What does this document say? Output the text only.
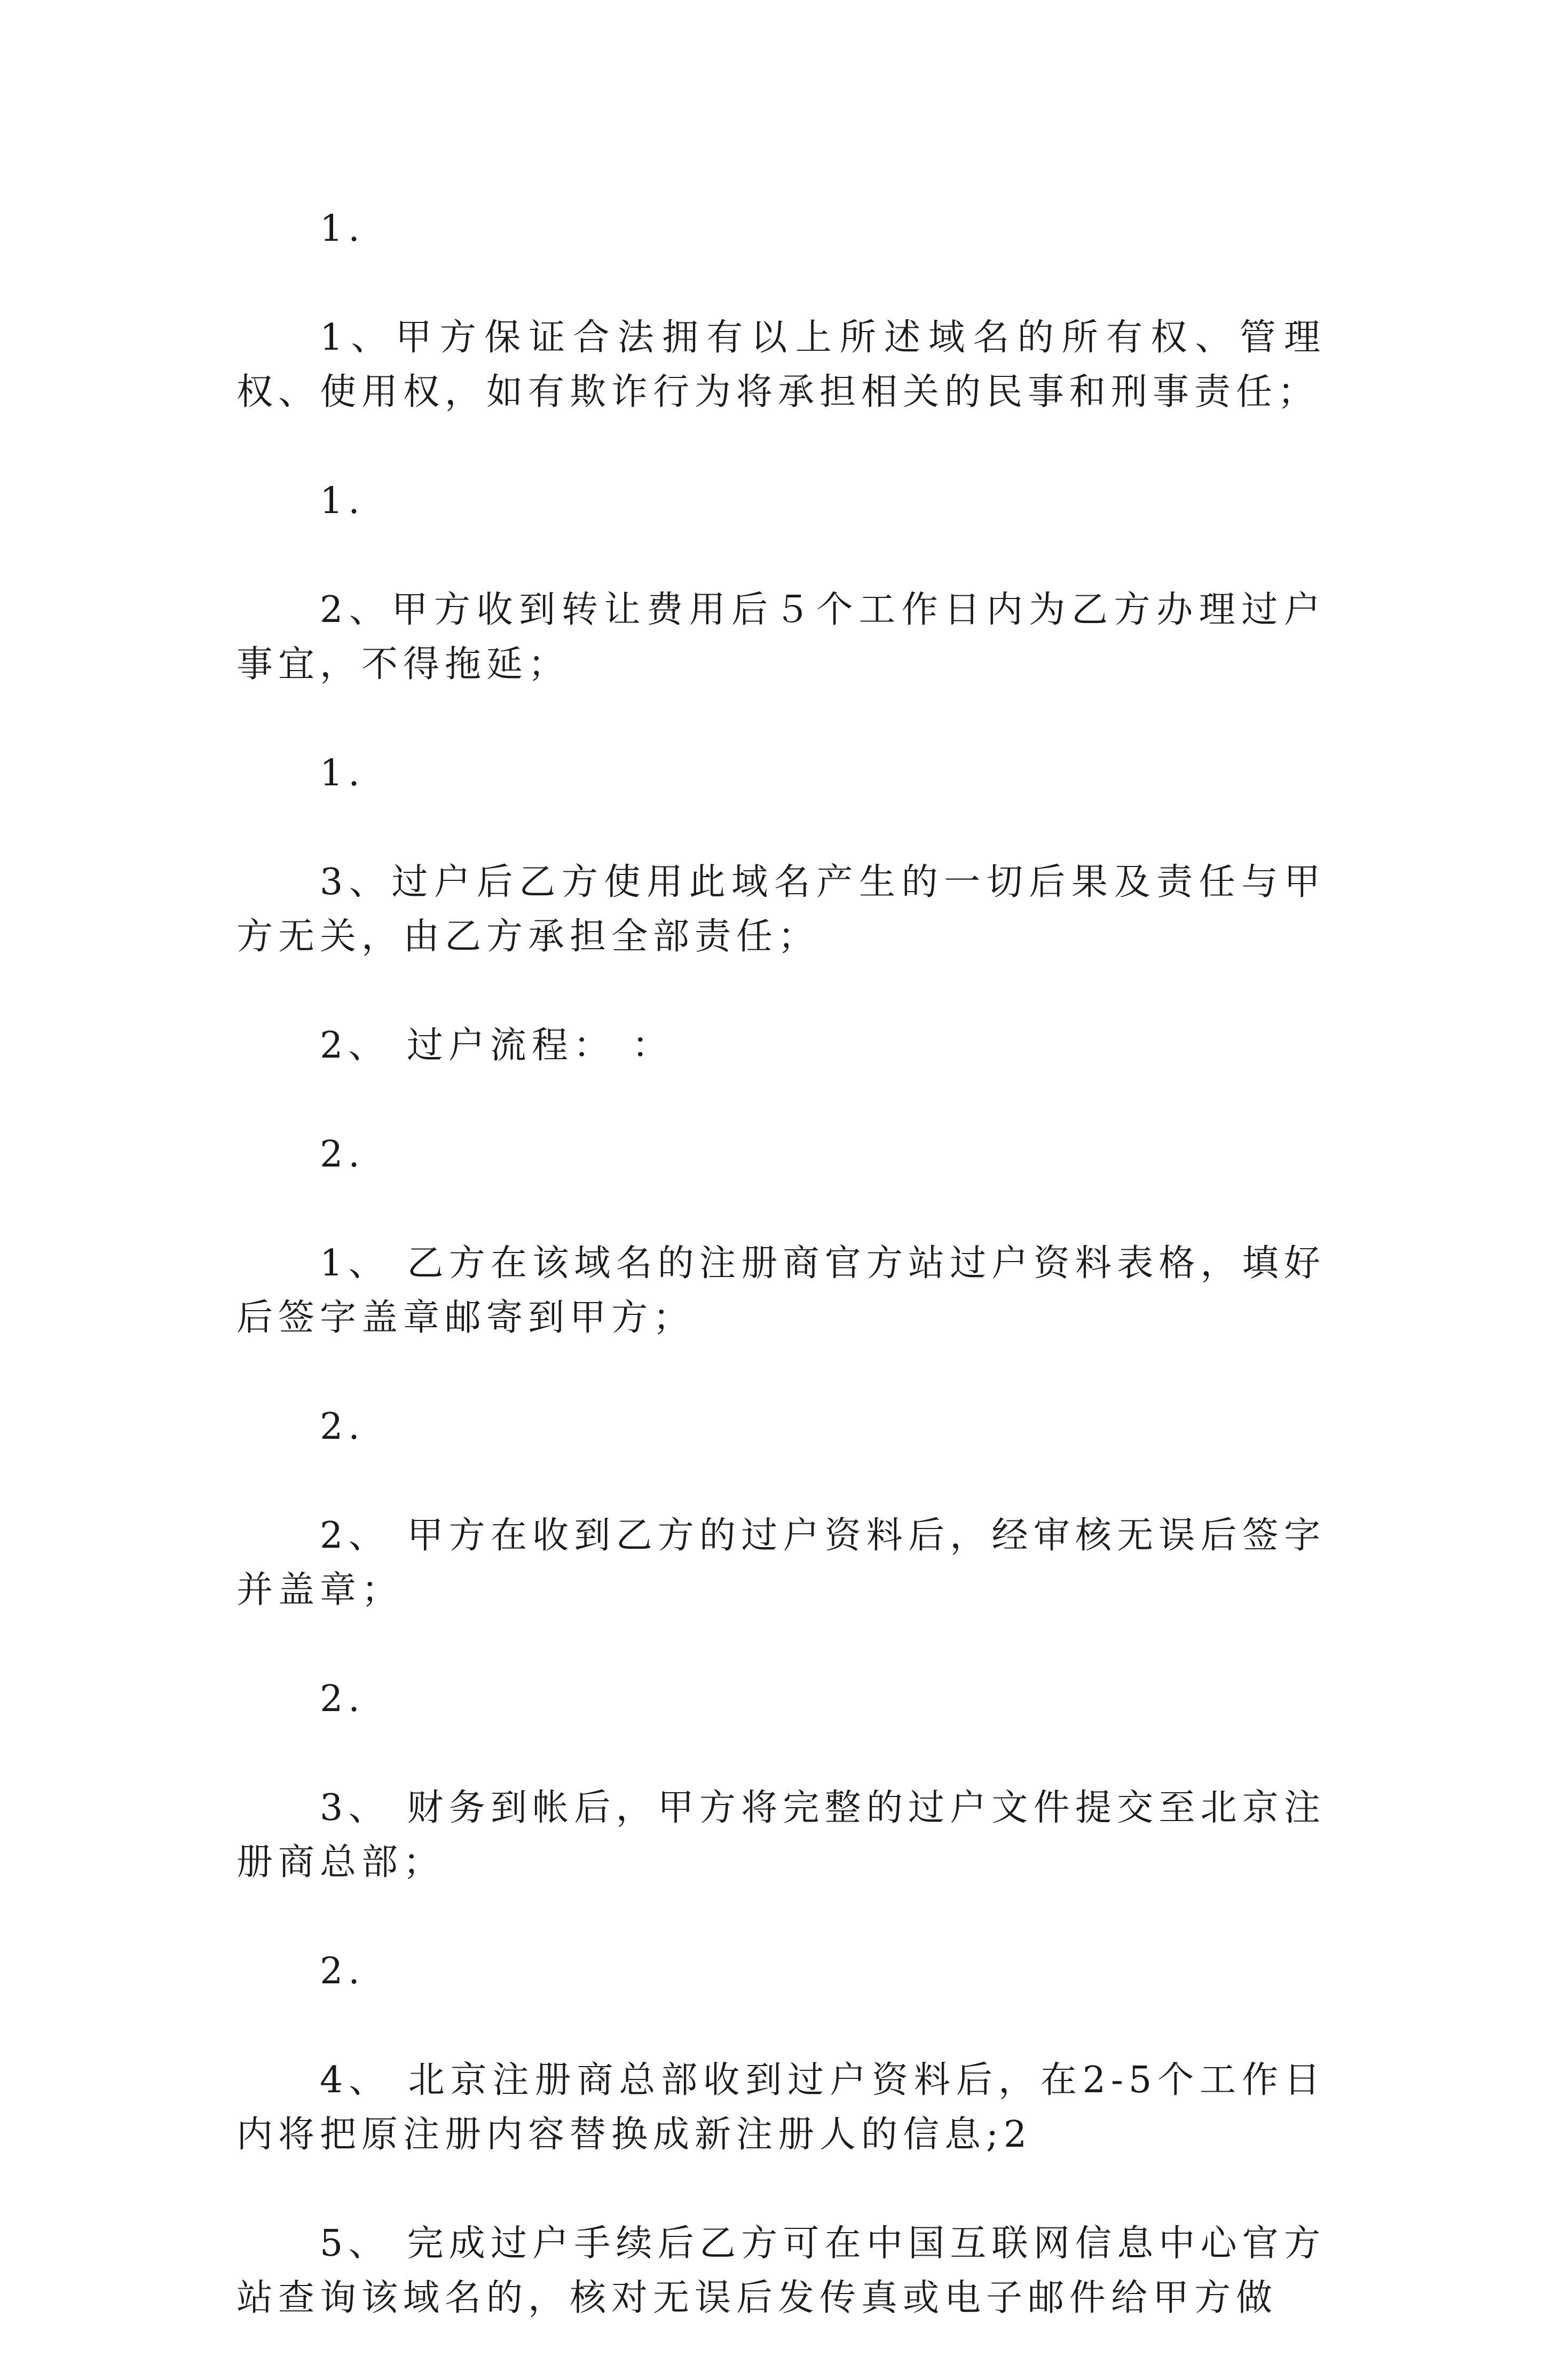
1.

1、甲方保证合法拥有以上所述域名的所有权、管理权、使用权，如有欺诈行为将承担相关的民事和刑事责任；

1.

2、甲方收到转让费用后５个工作日内为乙方办理过户事宜，不得拖延；

1.

3、过户后乙方使用此域名产生的一切后果及责任与甲方无关，由乙方承担全部责任；

2、 过户流程： ：

2.

1、 乙方在该域名的注册商官方站过户资料表格，填好后签字盖章邮寄到甲方；

2.

2、 甲方在收到乙方的过户资料后，经审核无误后签字并盖章；

2.

3、 财务到帐后，甲方将完整的过户文件提交至北京注册商总部；

2.

4、 北京注册商总部收到过户资料后，在2-5个工作日内将把原注册内容替换成新注册人的信息;2

5、 完成过户手续后乙方可在中国互联网信息中心官方站查询该域名的，核对无误后发传真或电子邮件给甲方做
